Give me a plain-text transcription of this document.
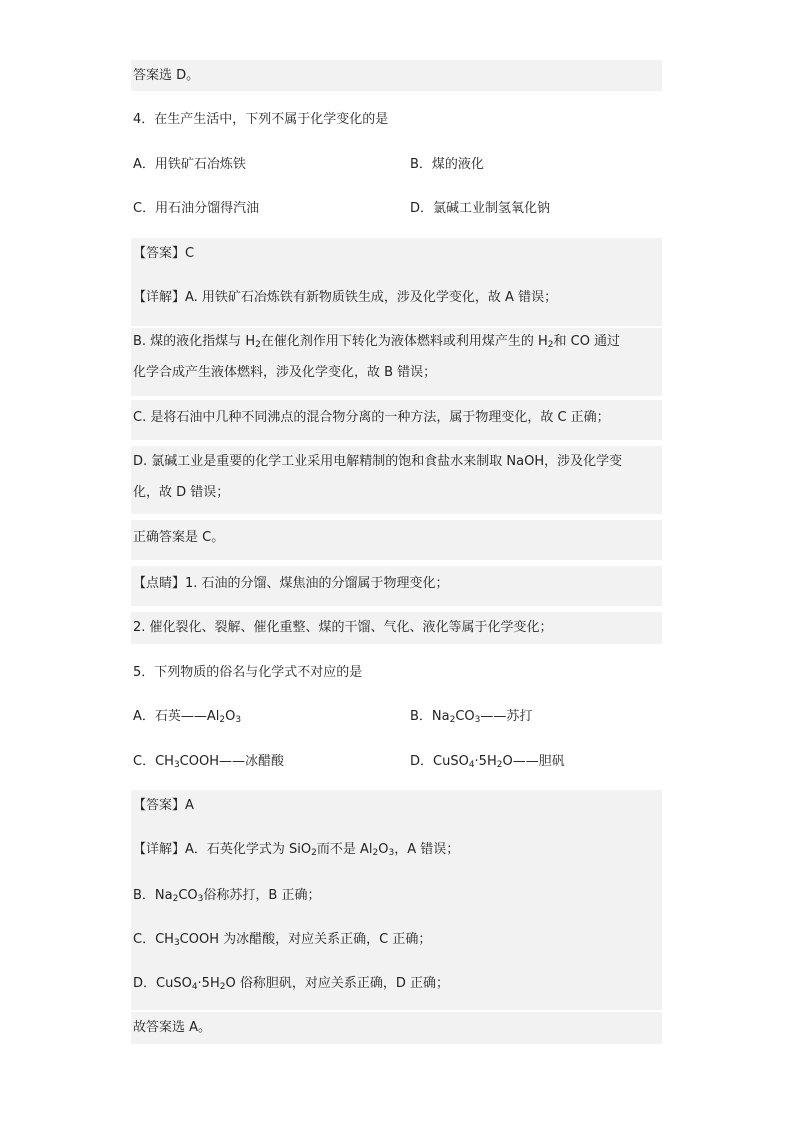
答案选 D。
4．在生产生活中，下列不属于化学变化的是
A．用铁矿石冶炼铁	B．煤的液化
C．用石油分馏得汽油	D．氯碱工业制氢氧化钠
【答案】C
【详解】A. 用铁矿石冶炼铁有新物质铁生成，涉及化学变化，故 A 错误；
B. 煤的液化指煤与 $H_2$在催化剂作用下转化为液体燃料或利用煤产生的 $H_2$和 CO 通过
化学合成产生液体燃料，涉及化学变化，故 B 错误；
C. 是将石油中几种不同沸点的混合物分离的一种方法，属于物理变化，故 C 正确；
D. 氯碱工业是重要的化学工业采用电解精制的饱和食盐水来制取 NaOH，涉及化学变
化，故 D 错误；
正确答案是 C。
【点睛】1. 石油的分馏、煤焦油的分馏属于物理变化；
2. 催化裂化、裂解、催化重整、煤的干馏、气化、液化等属于化学变化；
5．下列物质的俗名与化学式不对应的是
A．石英$——Al_2O_3$	B．$Na_2CO_3——$苏打
C．$CH_3COOH——$冰醋酸	D．$CuSO_4\cdot 5H_2O——$胆矾
【答案】A
【详解】A．石英化学式为 SiO$_2$而不是 $Al_2O_3$，A 错误；
B．$Na_2CO_3$俗称苏打，B 正确；
C．$CH_3COOH$ 为冰醋酸，对应关系正确，C 正确；
D．$CuSO_4\cdot 5H_2O$ 俗称胆矾，对应关系正确，D 正确；
故答案选 A。
